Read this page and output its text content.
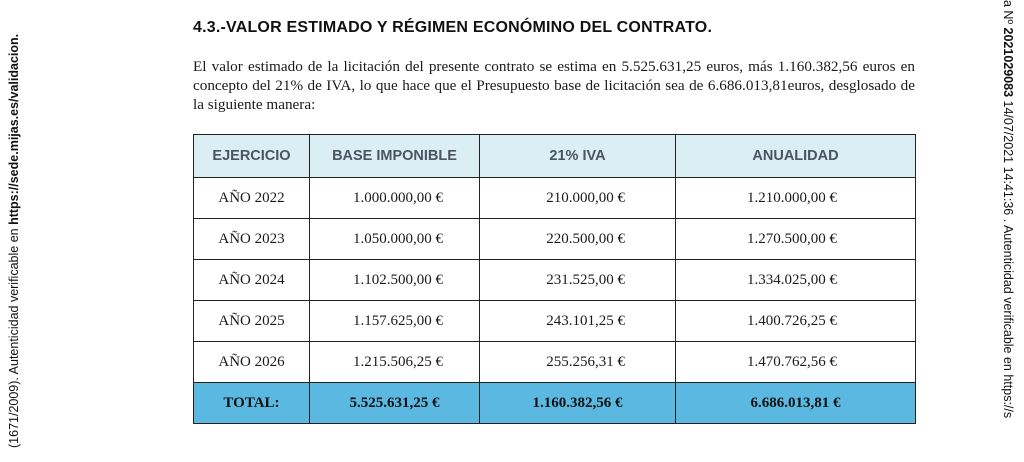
(1671/2009). Autenticidad verificable en https://sede.mijas.es/validacion.
a Nº 2021029083 14/07/2021 14:41:36 . Autenticidad verificable en https://s
4.3.-VALOR ESTIMADO Y RÉGIMEN ECONÓMINO DEL CONTRATO.
El valor estimado de la licitación del presente contrato se estima en 5.525.631,25 euros, más 1.160.382,56 euros en concepto del 21% de IVA, lo que hace que el Presupuesto base de licitación sea de 6.686.013,81euros, desglosado de la siguiente manera:
EJERCICIO	BASE IMPONIBLE	21% IVA	ANUALIDAD
AÑO 2022	1.000.000,00 €	210.000,00 €	1.210.000,00 €
AÑO 2023	1.050.000,00 €	220.500,00 €	1.270.500,00 €
AÑO 2024	1.102.500,00 €	231.525,00 €	1.334.025,00 €
AÑO 2025	1.157.625,00 €	243.101,25 €	1.400.726,25 €
AÑO 2026	1.215.506,25 €	255.256,31 €	1.470.762,56 €
TOTAL:	5.525.631,25 €	1.160.382,56 €	6.686.013,81 €
